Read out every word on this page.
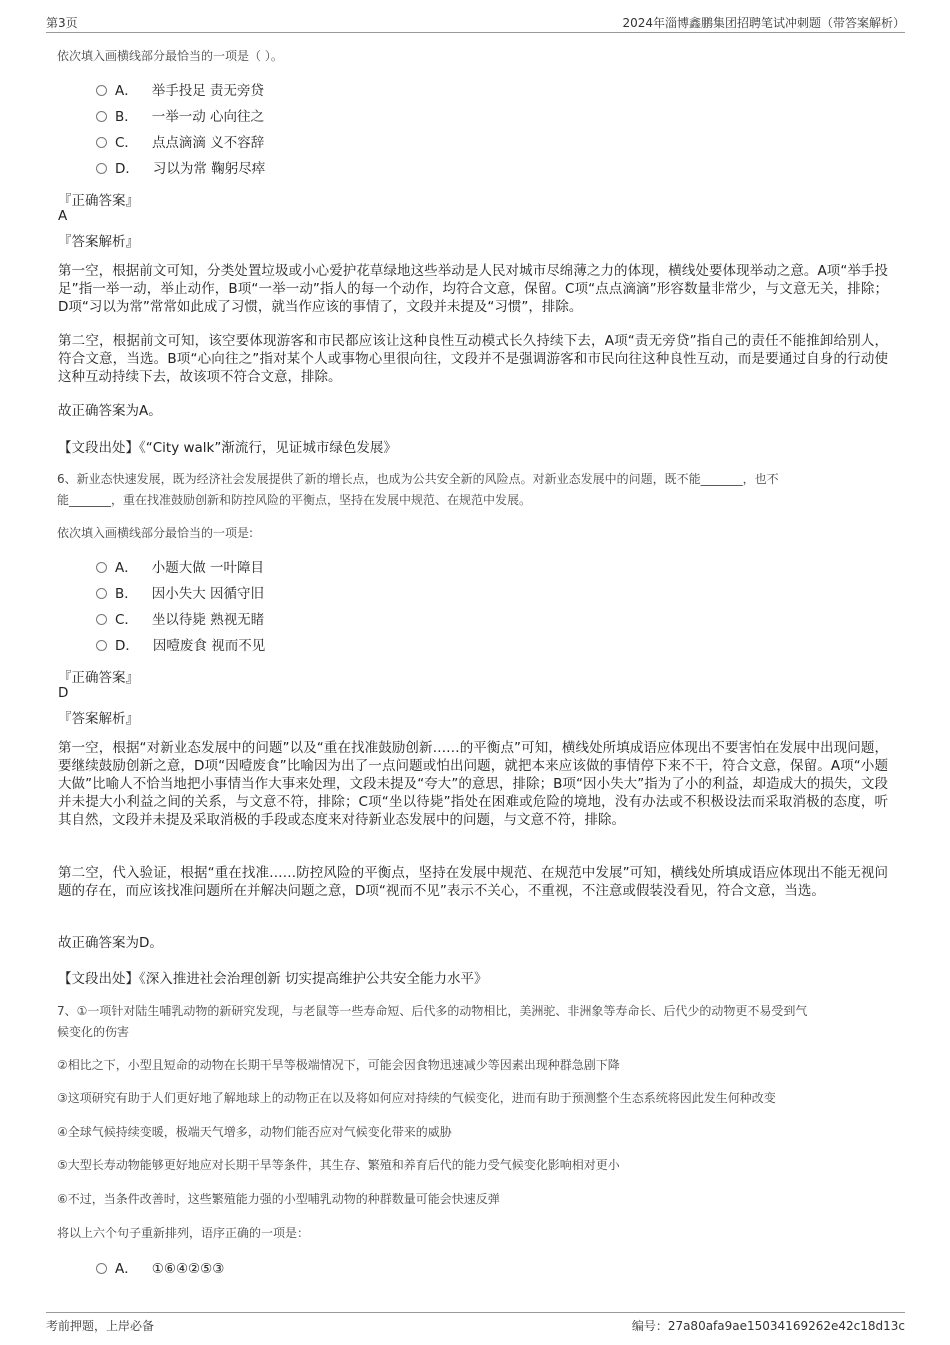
第3页	2024年淄博鑫鹏集团招聘笔试冲刺题（带答案解析）
依次填入画横线部分最恰当的一项是（ ）。
A． 举手投足 责无旁贷
B． 一举一动 心向往之
C． 点点滴滴 义不容辞
D． 习以为常 鞠躬尽瘁
『正确答案』
A
『答案解析』
第一空，根据前文可知，分类处置垃圾或小心爱护花草绿地这些举动是人民对城市尽绵薄之力的体现，横线处要体现举动之意。A项“举手投足”指一举一动，举止动作，B项“一举一动”指人的每一个动作，均符合文意，保留。C项“点点滴滴”形容数量非常少，与文意无关，排除；D项“习以为常”常常如此成了习惯，就当作应该的事情了，文段并未提及“习惯”，排除。
第二空，根据前文可知，该空要体现游客和市民都应该让这种良性互动模式长久持续下去，A项“责无旁贷”指自己的责任不能推卸给别人，符合文意，当选。B项“心向往之”指对某个人或事物心里很向往，文段并不是强调游客和市民向往这种良性互动，而是要通过自身的行动使这种互动持续下去，故该项不符合文意，排除。
故正确答案为A。
【文段出处】《“City walk”渐流行，见证城市绿色发展》
6、新业态快速发展，既为经济社会发展提供了新的增长点，也成为公共安全新的风险点。对新业态发展中的问题，既不能_______，也不
能_______，重在找准鼓励创新和防控风险的平衡点，坚持在发展中规范、在规范中发展。
依次填入画横线部分最恰当的一项是:
A． 小题大做 一叶障目
B． 因小失大 因循守旧
C． 坐以待毙 熟视无睹
D． 因噎废食 视而不见
『正确答案』
D
『答案解析』
第一空，根据“对新业态发展中的问题”以及“重在找准鼓励创新……的平衡点”可知，横线处所填成语应体现出不要害怕在发展中出现问题，要继续鼓励创新之意，D项“因噎废食”比喻因为出了一点问题或怕出问题，就把本来应该做的事情停下来不干，符合文意，保留。A项“小题大做”比喻人不恰当地把小事情当作大事来处理，文段未提及“夸大”的意思，排除；B项“因小失大”指为了小的利益，却造成大的损失，文段并未提大小利益之间的关系，与文意不符，排除；C项“坐以待毙”指处在困难或危险的境地，没有办法或不积极设法而采取消极的态度，听其自然，文段并未提及采取消极的手段或态度来对待新业态发展中的问题，与文意不符，排除。
第二空，代入验证，根据“重在找准……防控风险的平衡点，坚持在发展中规范、在规范中发展”可知，横线处所填成语应体现出不能无视问题的存在，而应该找准问题所在并解决问题之意，D项“视而不见”表示不关心，不重视，不注意或假装没看见，符合文意，当选。
故正确答案为D。
【文段出处】《深入推进社会治理创新 切实提高维护公共安全能力水平》
7、①一项针对陆生哺乳动物的新研究发现，与老鼠等一些寿命短、后代多的动物相比，美洲驼、非洲象等寿命长、后代少的动物更不易受到气
候变化的伤害
②相比之下，小型且短命的动物在长期干旱等极端情况下，可能会因食物迅速减少等因素出现种群急剧下降
③这项研究有助于人们更好地了解地球上的动物正在以及将如何应对持续的气候变化，进而有助于预测整个生态系统将因此发生何种改变
④全球气候持续变暖，极端天气增多，动物们能否应对气候变化带来的威胁
⑤大型长寿动物能够更好地应对长期干旱等条件，其生存、繁殖和养育后代的能力受气候变化影响相对更小
⑥不过，当条件改善时，这些繁殖能力强的小型哺乳动物的种群数量可能会快速反弹
将以上六个句子重新排列，语序正确的一项是：
A． ①⑥④②⑤③
考前押题，上岸必备	编号：27a80afa9ae15034169262e42c18d13c
